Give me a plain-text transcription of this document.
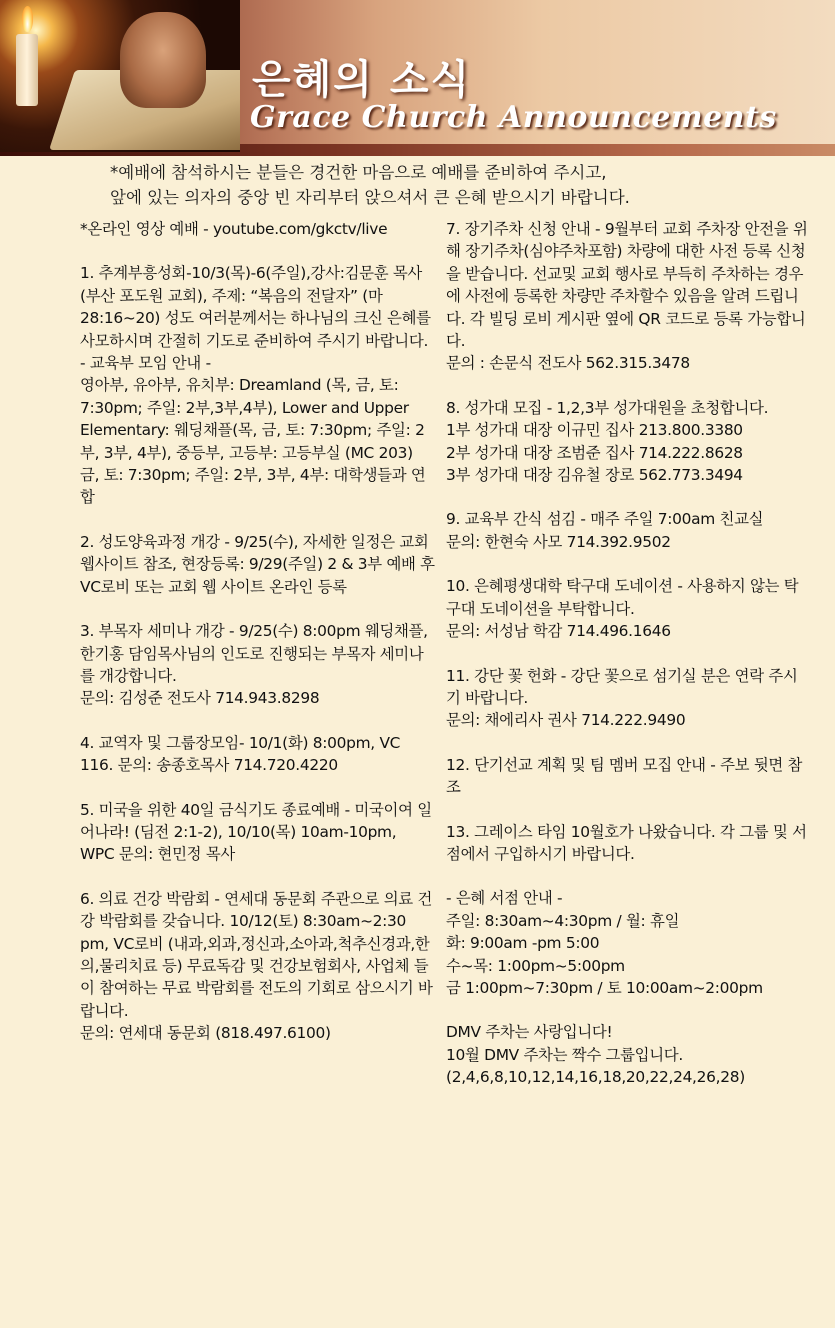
은혜의 소식
Grace Church Announcements
*예배에 참석하시는 분들은 경건한 마음으로 예배를 준비하여 주시고,
앞에 있는 의자의 중앙 빈 자리부터 앉으셔서 큰 은혜 받으시기 바랍니다.

*온라인 영상 예배 - youtube.com/gkctv/live

1. 추계부흥성회-10/3(목)-6(주일),강사:김문훈 목사(부산 포도원 교회), 주제: “복음의 전달자” (마28:16~20) 성도 여러분께서는 하나님의 크신 은혜를 사모하시며 간절히 기도로 준비하여 주시기 바랍니다.

- 교육부 모임 안내 -

영아부, 유아부, 유치부: Dreamland (목, 금, 토: 7:30pm; 주일: 2부,3부,4부), Lower and Upper Elementary: 웨딩채플(목, 금, 토: 7:30pm; 주일: 2부, 3부, 4부), 중등부, 고등부: 고등부실 (MC 203) 금, 토: 7:30pm; 주일: 2부, 3부, 4부: 대학생들과 연합

2. 성도양육과정 개강 - 9/25(수), 자세한 일정은 교회 웹사이트 참조, 현장등록: 9/29(주일) 2 & 3부 예배 후 VC로비 또는 교회 웹 사이트 온라인 등록

3. 부목자 세미나 개강 - 9/25(수) 8:00pm 웨딩채플, 한기홍 담임목사님의 인도로 진행되는 부목자 세미나를 개강합니다.

문의: 김성준 전도사 714.943.8298

4. 교역자 및 그룹장모임- 10/1(화) 8:00pm, VC 116. 문의: 송종호목사 714.720.4220

5. 미국을 위한 40일 금식기도 종료예배 - 미국이여 일어나라! (딤전 2:1-2), 10/10(목) 10am-10pm, WPC 문의: 현민정 목사

6. 의료 건강 박람회 - 연세대 동문회 주관으로 의료 건강 박람회를 갖습니다. 10/12(토) 8:30am~2:30 pm, VC로비 (내과,외과,정신과,소아과,척추신경과,한의,물리치료 등) 무료독감 및 건강보험회사, 사업체 들이 참여하는 무료 박람회를 전도의 기회로 삼으시기 바랍니다.

문의: 연세대 동문회 (818.497.6100)

7. 장기주차 신청 안내 - 9월부터 교회 주차장 안전을 위해 장기주차(심야주차포함) 차량에 대한 사전 등록 신청을 받습니다. 선교및 교회 행사로 부득히 주차하는 경우에 사전에 등록한 차량만 주차할수 있음을 알려 드립니다. 각 빌딩 로비 게시판 옆에 QR 코드로 등록 가능합니다.

문의 : 손문식 전도사 562.315.3478

8. 성가대 모집 - 1,2,3부 성가대원을 초청합니다.

1부 성가대 대장 이규민 집사 213.800.3380

2부 성가대 대장 조범준 집사 714.222.8628

3부 성가대 대장 김유철 장로 562.773.3494

9. 교육부 간식 섬김 - 매주 주일 7:00am 친교실

문의: 한현숙 사모 714.392.9502

10. 은혜평생대학 탁구대 도네이션 - 사용하지 않는 탁구대 도네이션을 부탁합니다.

문의: 서성남 학감 714.496.1646

11. 강단 꽃 헌화 - 강단 꽃으로 섬기실 분은 연락 주시기 바랍니다.

문의: 채에리사 권사 714.222.9490

12. 단기선교 계획 및 팀 멤버 모집 안내 - 주보 뒷면 참조

13. 그레이스 타임 10월호가 나왔습니다. 각 그룹 및 서점에서 구입하시기 바랍니다.

- 은혜 서점 안내 -

주일: 8:30am~4:30pm / 월: 휴일

화: 9:00am -pm 5:00

수~목: 1:00pm~5:00pm

금 1:00pm~7:30pm / 토 10:00am~2:00pm

DMV 주차는 사랑입니다!

10월 DMV 주차는 짝수 그룹입니다.

(2,4,6,8,10,12,14,16,18,20,22,24,26,28)
